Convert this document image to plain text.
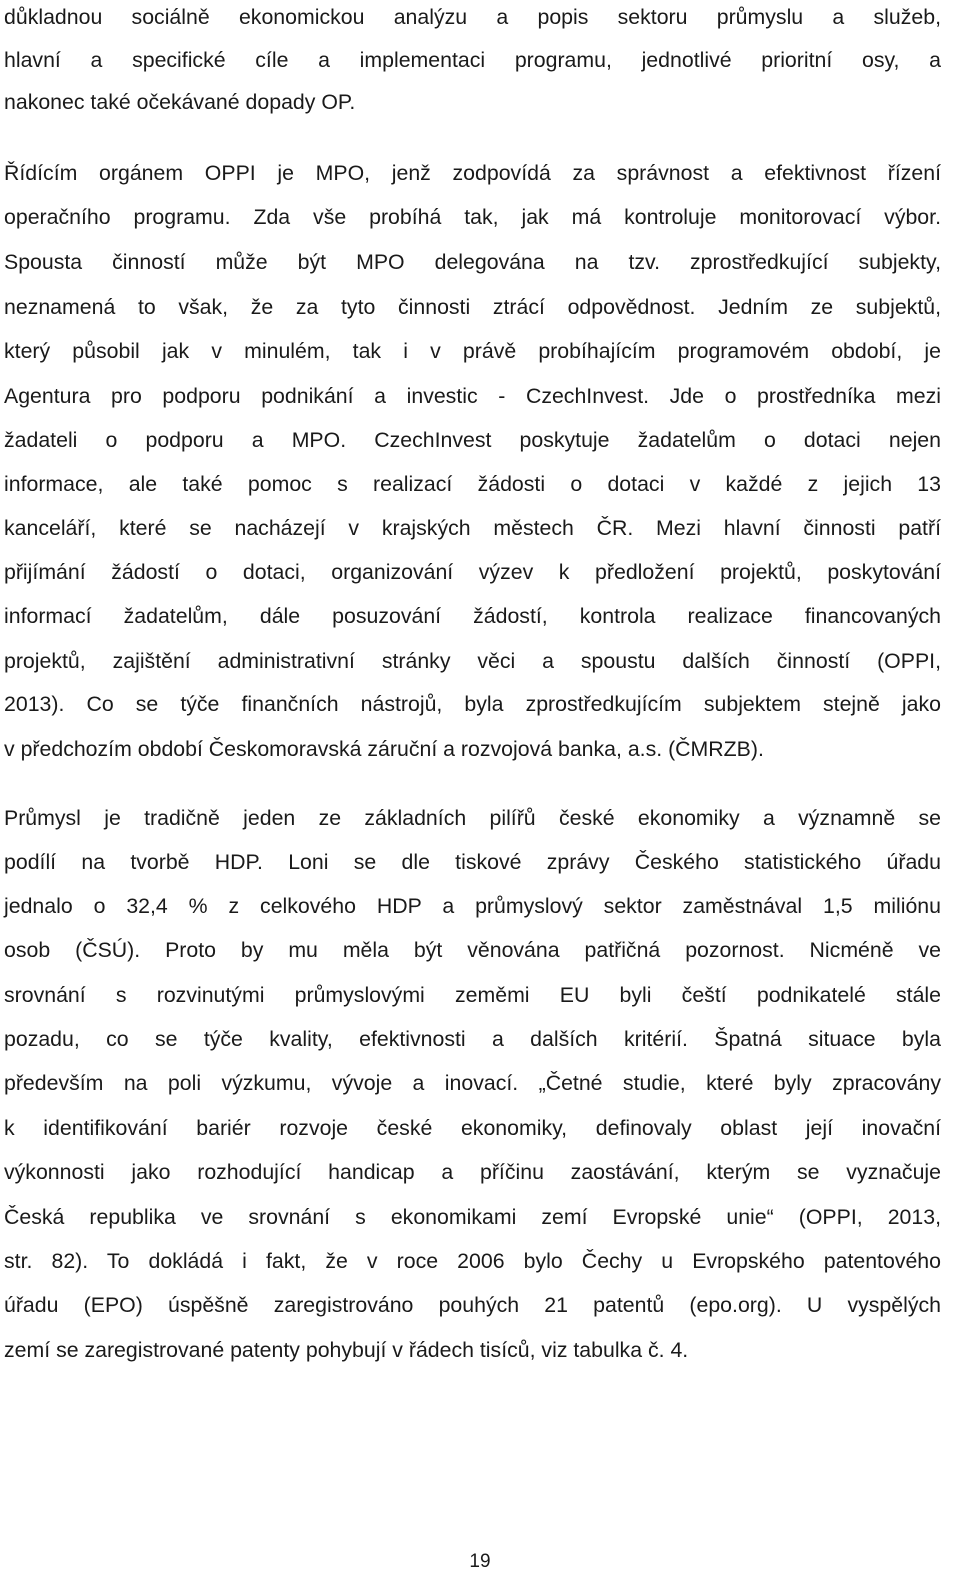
důkladnou sociálně ekonomickou analýzu a popis sektoru průmyslu a služeb,
hlavní a specifické cíle a implementaci programu, jednotlivé prioritní osy, a
nakonec také očekávané dopady OP.
Řídícím orgánem OPPI je MPO, jenž zodpovídá za správnost a efektivnost řízení
operačního programu. Zda vše probíhá tak, jak má kontroluje monitorovací výbor.
Spousta činností může být MPO delegována na tzv. zprostředkující subjekty,
neznamená to však, že za tyto činnosti ztrácí odpovědnost. Jedním ze subjektů,
který působil jak v minulém, tak i v právě probíhajícím programovém období, je
Agentura pro podporu podnikání a investic - CzechInvest. Jde o prostředníka mezi
žadateli o podporu a MPO. CzechInvest poskytuje žadatelům o dotaci nejen
informace, ale také pomoc s realizací žádosti o dotaci v každé z jejich 13
kanceláří, které se nacházejí v krajských městech ČR. Mezi hlavní činnosti patří
přijímání žádostí o dotaci, organizování výzev k předložení projektů, poskytování
informací žadatelům, dále posuzování žádostí, kontrola realizace financovaných
projektů, zajištění administrativní stránky věci a spoustu dalších činností (OPPI,
2013). Co se týče finančních nástrojů, byla zprostředkujícím subjektem stejně jako
v předchozím období Českomoravská záruční a rozvojová banka, a.s. (ČMRZB).
Průmysl je tradičně jeden ze základních pilířů české ekonomiky a významně se
podílí na tvorbě HDP. Loni se dle tiskové zprávy Českého statistického úřadu
jednalo o 32,4 % z celkového HDP a průmyslový sektor zaměstnával 1,5 miliónu
osob (ČSÚ). Proto by mu měla být věnována patřičná pozornost. Nicméně ve
srovnání s rozvinutými průmyslovými zeměmi EU byli čeští podnikatelé stále
pozadu, co se týče kvality, efektivnosti a dalších kritérií. Špatná situace byla
především na poli výzkumu, vývoje a inovací. „Četné studie, které byly zpracovány
k identifikování bariér rozvoje české ekonomiky, definovaly oblast její inovační
výkonnosti jako rozhodující handicap a příčinu zaostávání, kterým se vyznačuje
Česká republika ve srovnání s ekonomikami zemí Evropské unie“ (OPPI, 2013,
str. 82). To dokládá i fakt, že v roce 2006 bylo Čechy u Evropského patentového
úřadu (EPO) úspěšně zaregistrováno pouhých 21 patentů (epo.org). U vyspělých
zemí se zaregistrované patenty pohybují v řádech tisíců, viz tabulka č. 4.
19
